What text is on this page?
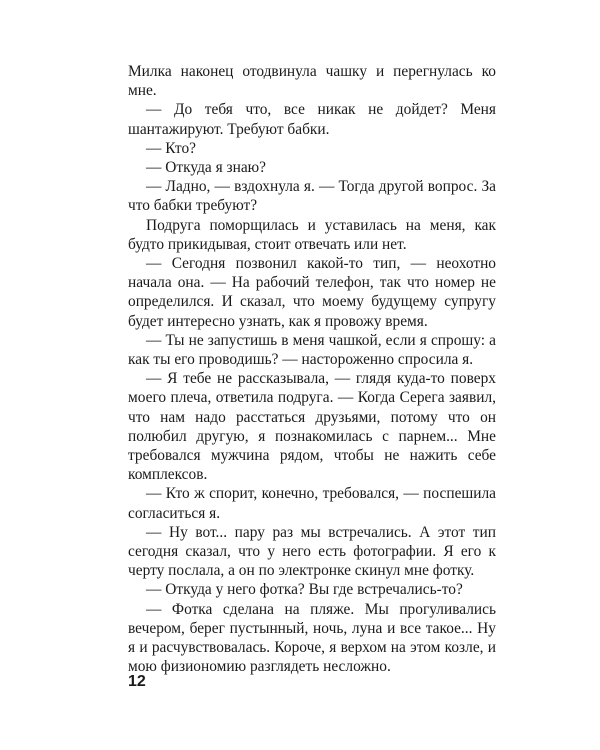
Милка наконец отодвинула чашку и перегнулась ко мне.

— До тебя что, все никак не дойдет? Меня шантажируют. Требуют бабки.

— Кто?

— Откуда я знаю?

— Ладно, — вздохнула я. — Тогда другой вопрос. За что бабки требуют?

Подруга поморщилась и уставилась на меня, как будто прикидывая, стоит отвечать или нет.

— Сегодня позвонил какой-то тип, — неохотно начала она. — На рабочий телефон, так что номер не определился. И сказал, что моему будущему супругу будет интересно узнать, как я провожу время.

— Ты не запустишь в меня чашкой, если я спрошу: а как ты его проводишь? — настороженно спросила я.

— Я тебе не рассказывала, — глядя куда-то поверх моего плеча, ответила подруга. — Когда Серега заявил, что нам надо расстаться друзьями, потому что он полюбил другую, я познакомилась с парнем... Мне требовался мужчина рядом, чтобы не нажить себе комплексов.

— Кто ж спорит, конечно, требовался, — поспешила согласиться я.

— Ну вот... пару раз мы встречались. А этот тип сегодня сказал, что у него есть фотографии. Я его к черту послала, а он по электронке скинул мне фотку.

— Откуда у него фотка? Вы где встречались-то?

— Фотка сделана на пляже. Мы прогуливались вечером, берег пустынный, ночь, луна и все такое... Ну я и расчувствовалась. Короче, я верхом на этом козле, и мою физиономию разглядеть несложно.

12
